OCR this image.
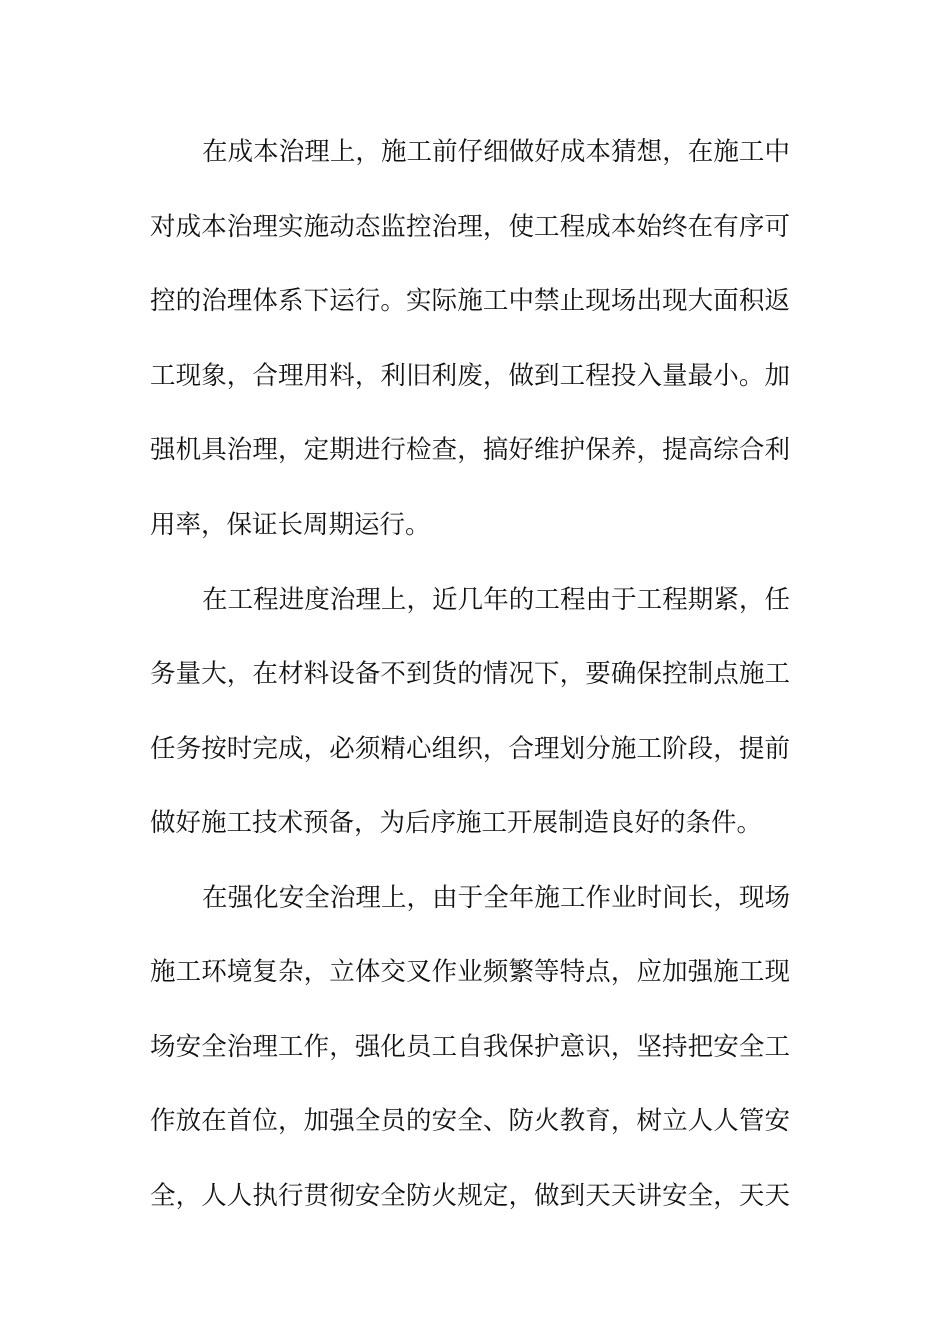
在成本治理上，施工前仔细做好成本猜想，在施工中
对成本治理实施动态监控治理，使工程成本始终在有序可
控的治理体系下运行。实际施工中禁止现场出现大面积返
工现象，合理用料，利旧利废，做到工程投入量最小。加
强机具治理，定期进行检查，搞好维护保养，提高综合利
用率，保证长周期运行。
在工程进度治理上，近几年的工程由于工程期紧，任
务量大，在材料设备不到货的情况下，要确保控制点施工
任务按时完成，必须精心组织，合理划分施工阶段，提前
做好施工技术预备，为后序施工开展制造良好的条件。
在强化安全治理上，由于全年施工作业时间长，现场
施工环境复杂，立体交叉作业频繁等特点，应加强施工现
场安全治理工作，强化员工自我保护意识，坚持把安全工
作放在首位，加强全员的安全、防火教育，树立人人管安
全，人人执行贯彻安全防火规定，做到天天讲安全，天天
